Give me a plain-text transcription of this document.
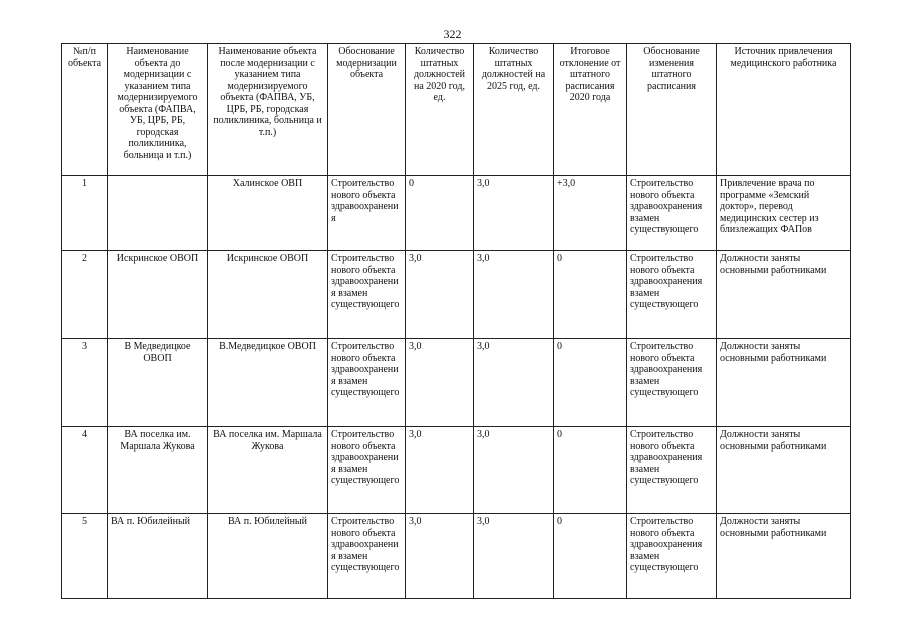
322
№п/п объекта	Наименование объекта до модернизации с указанием типа модернизируемого объекта (ФАПВА, УБ, ЦРБ, РБ, городская поликлиника, больница и т.п.)	Наименование объекта после модернизации с указанием типа модернизируемого объекта (ФАПВА, УБ, ЦРБ, РБ, городская поликлиника, больница и т.п.)	Обоснование модернизации объекта	Количество штатных должностей на 2020 год, ед.	Количество штатных должностей на 2025 год, ед.	Итоговое отклонение от штатного расписания 2020 года	Обоснование изменения штатного расписания	Источник привлечения медицинского работника
1		Халинское ОВП	Строительство нового объекта здравоохранения	0	3,0	+3,0	Строительство нового объекта здравоохранения взамен существующего	Привлечение врача по программе «Земский доктор», перевод медицинских сестер из близлежащих ФАПов
2	Искринское ОВОП	Искринское ОВОП	Строительство нового объекта здравоохранения взамен существующего	3,0	3,0	0	Строительство нового объекта здравоохранения взамен существующего	Должности заняты основными работниками
3	В Медведицкое ОВОП	В.Медведицкое ОВОП	Строительство нового объекта здравоохранения взамен существующего	3,0	3,0	0	Строительство нового объекта здравоохранения взамен существующего	Должности заняты основными работниками
4	ВА поселка им. Маршала Жукова	ВА поселка им. Маршала Жукова	Строительство нового объекта здравоохранения взамен существующего	3,0	3,0	0	Строительство нового объекта здравоохранения взамен существующего	Должности заняты основными работниками
5	ВА п. Юбилейный	ВА п. Юбилейный	Строительство нового объекта здравоохранения взамен существующего	3,0	3,0	0	Строительство нового объекта здравоохранения взамен существующего	Должности заняты основными работниками
